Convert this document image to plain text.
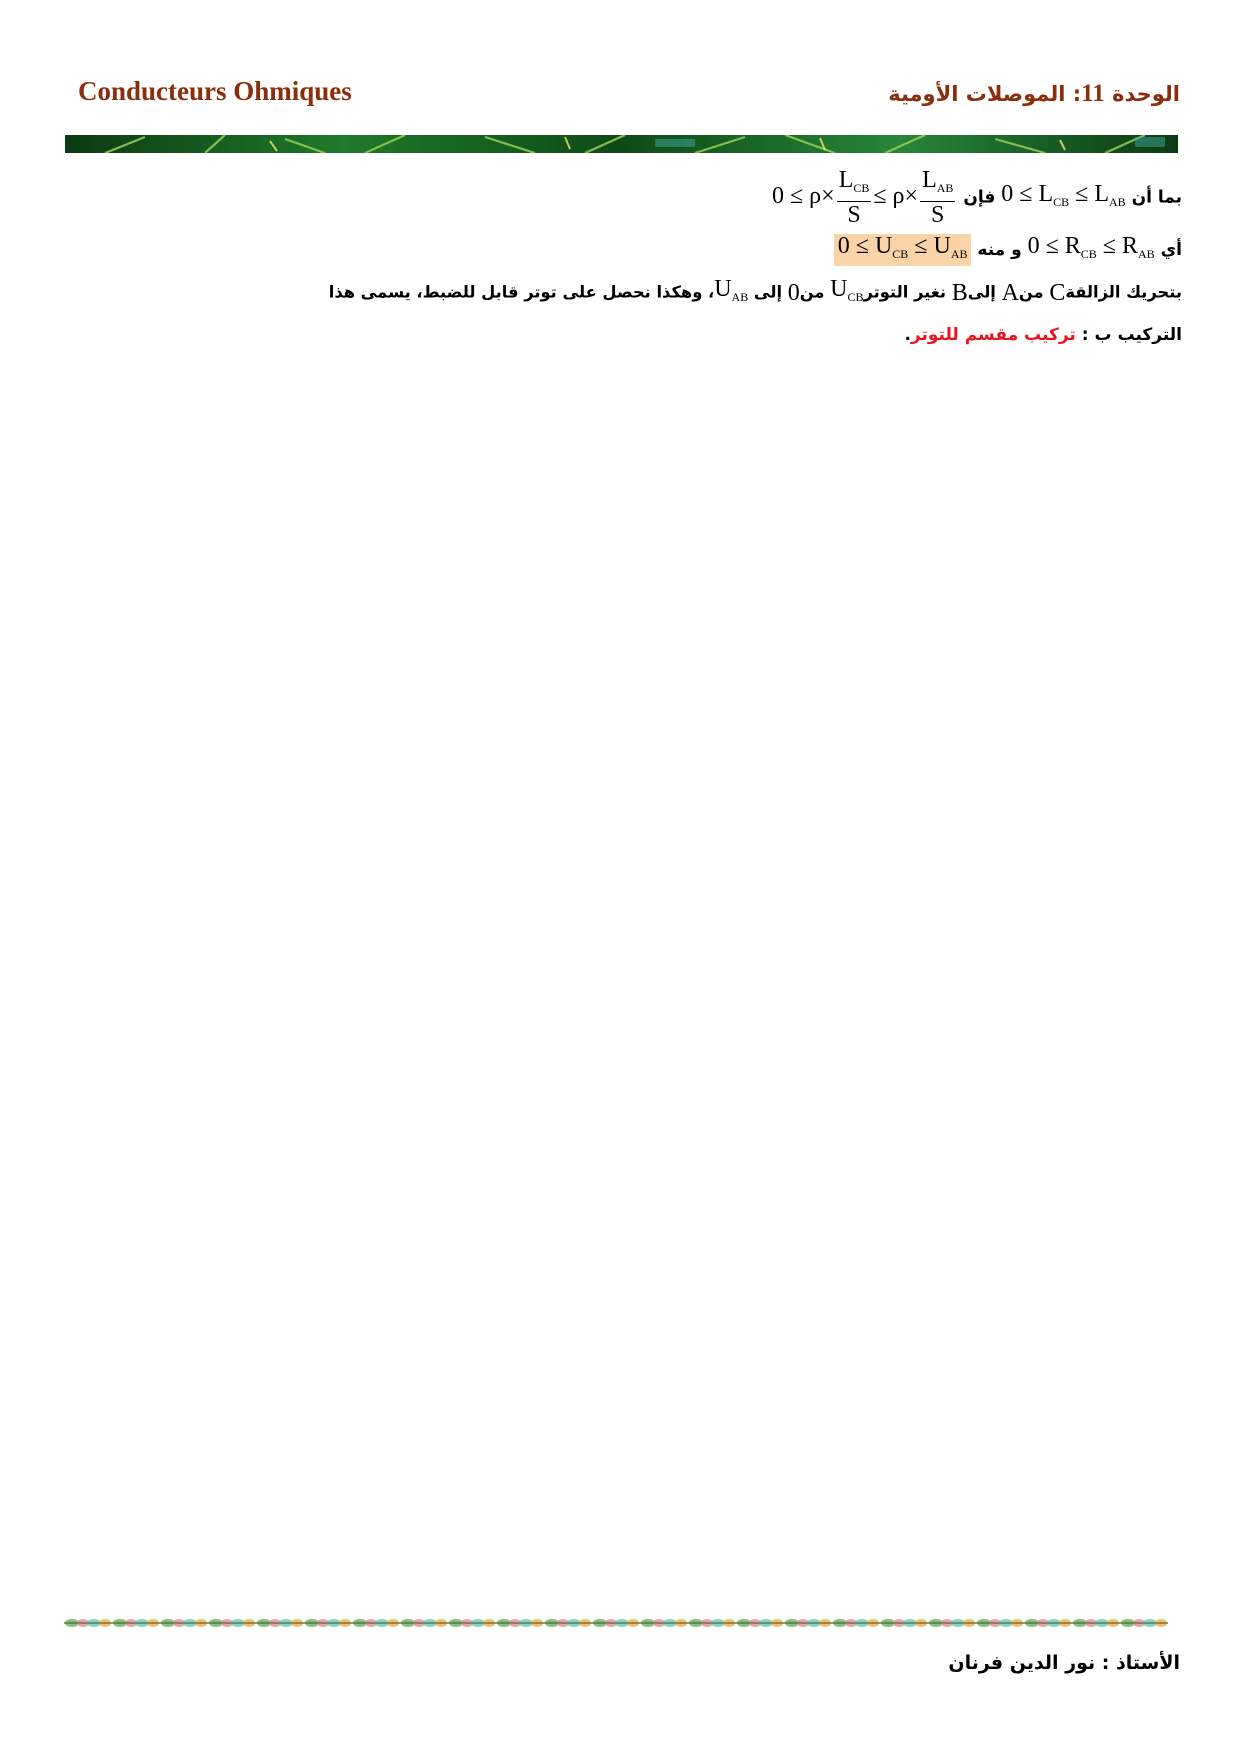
Conducteurs Ohmiques	الوحدة 11: الموصلات الأومية
بما أن $0 \le L_{CB} \le L_{AB}$ فإن $0 \le \rho\times \frac{L_{CB}}{S} \le \rho\times \frac{L_{AB}}{S}$
أي $0 \le R_{CB} \le R_{AB}$ و منه $0 \le U_{CB} \le U_{AB}$
بتحريك الزالقةC منA إلىB نغير التوترU$_{CB}$ من0 إلى $U_{AB}،$ وهكذا نحصل على توتر قابل للضبط، يسمى هذا
التركيب ب : تركيب مقسم للتوتر.
الأستاذ : نور الدين فرنان
